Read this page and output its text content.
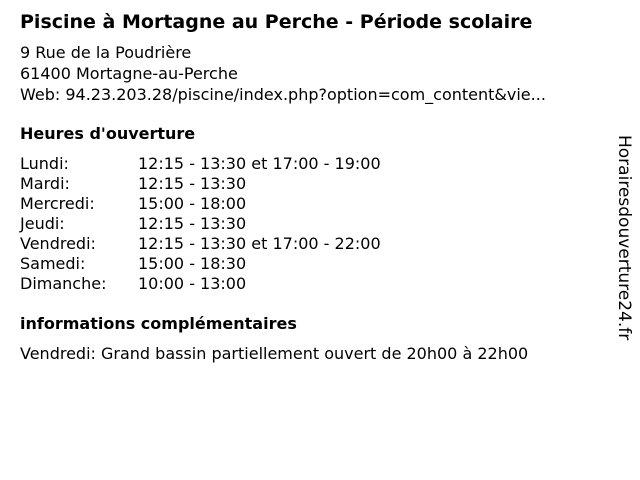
Piscine à Mortagne au Perche - Période scolaire
9 Rue de la Poudrière
61400 Mortagne-au-Perche
Web: 94.23.203.28/piscine/index.php?option=com_content&vie...
Heures d'ouverture
Lundi:	12:15 - 13:30 et 17:00 - 19:00
Mardi:	12:15 - 13:30
Mercredi:	15:00 - 18:00
Jeudi:	12:15 - 13:30
Vendredi:	12:15 - 13:30 et 17:00 - 22:00
Samedi:	15:00 - 18:30
Dimanche: 10:00 - 13:00
informations complémentaires
Vendredi: Grand bassin partiellement ouvert de 20h00 à 22h00
Horairesdouverture24.fr
